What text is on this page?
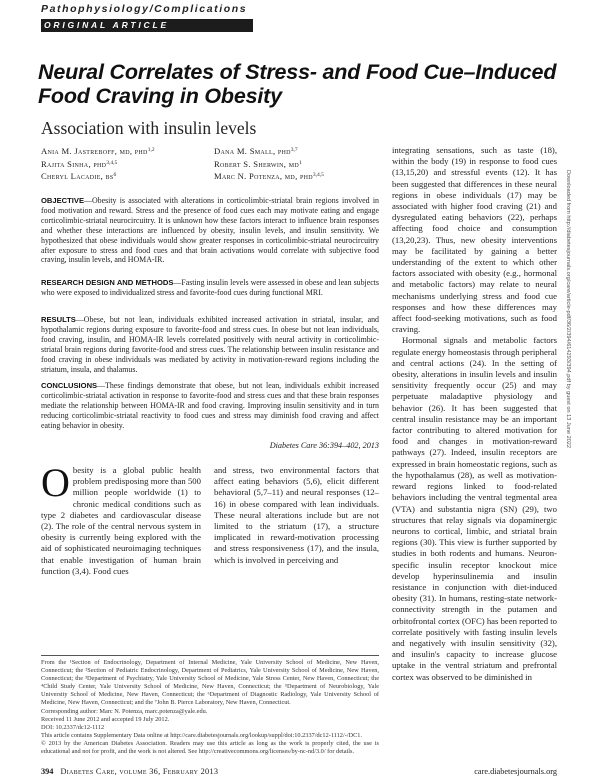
Pathophysiology/Complications
ORIGINAL ARTICLE
Neural Correlates of Stress- and Food Cue–Induced Food Craving in Obesity
Association with insulin levels
Ania M. Jastreboff, md, phd$^{1,2}$
Rajita Sinha, phd$^{3,4,5}$
Cheryl Lacadie, $bs^6$
Dana M. Small, phd$^{3,7}$
Robert S. Sherwin, $md^1$
Marc N. Potenza, md, phd$^{3,4,5}$

OBJECTIVE—Obesity is associated with alterations in corticolimbic-striatal brain regions involved in food motivation and reward. Stress and the presence of food cues each may motivate eating and engage corticolimbic-striatal neurocircuitry. It is unknown how these factors interact to influence brain responses and whether these interactions are influenced by obesity, insulin levels, and insulin sensitivity. We hypothesized that obese individuals would show greater responses in corticolimbic-striatal neurocircuitry after exposure to stress and food cues and that brain activations would correlate with subjective food craving, insulin levels, and HOMA-IR.

RESEARCH DESIGN AND METHODS—Fasting insulin levels were assessed in obese and lean subjects who were exposed to individualized stress and favorite-food cues during functional MRI.

RESULTS—Obese, but not lean, individuals exhibited increased activation in striatal, insular, and hypothalamic regions during exposure to favorite-food and stress cues. In obese but not lean individuals, food craving, insulin, and HOMA-IR levels correlated positively with neural activity in corticolimbic-striatal brain regions during favorite-food and stress cues. The relationship between insulin resistance and food craving in obese individuals was mediated by activity in motivation-reward regions including the striatum, insula, and thalamus.

CONCLUSIONS—These findings demonstrate that obese, but not lean, individuals exhibit increased corticolimbic-striatal activation in response to favorite-food and stress cues and that these brain responses mediate the relationship between HOMA-IR and food craving. Improving insulin sensitivity and in turn reducing corticolimbic-striatal reactivity to food cues and stress may diminish food craving and affect eating behavior in obesity.

Diabetes Care 36:394–402, 2013
Obesity is a global public health problem predisposing more than 500 million people worldwide (1) to chronic medical conditions such as type 2 diabetes and cardiovascular disease (2). The role of the central nervous system in obesity is currently being explored with the aid of sophisticated neuroimaging techniques that enable investigation of human brain function (3,4). Food cues
and stress, two environmental factors that affect eating behaviors (5,6), elicit different behavioral (5,7–11) and neural responses (12–16) in obese compared with lean individuals. These neural alterations include but are not limited to the striatum (17), a structure implicated in reward-motivation processing and stress responsiveness (17), and the insula, which is involved in perceiving and

integrating sensations, such as taste (18), within the body (19) in response to food cues (13,15,20) and stressful events (12). It has been suggested that differences in these neural regions in obese individuals (17) may be associated with higher food craving (21) and dysregulated eating behaviors (22), perhaps affecting food choice and consumption (13,20,23). Thus, new obesity interventions may be facilitated by gaining a better understanding of the extent to which other factors associated with obesity (e.g., hormonal and metabolic factors) may relate to neural mechanisms underlying stress and food cue responses and how these differences may affect food-seeking motivations, such as food craving.

Hormonal signals and metabolic factors regulate energy homeostasis through peripheral and central actions (24). In the setting of obesity, alterations in insulin levels and insulin sensitivity frequently occur (25) and may perpetuate maladaptive physiology and behavior (26). It has been suggested that central insulin resistance may be an important factor contributing to altered motivation for food and changes in motivation-reward pathways (27). Indeed, insulin receptors are expressed in brain homeostatic regions, such as the hypothalamus (28), as well as motivation-reward regions linked to food-related behaviors including the ventral tegmental area (VTA) and substantia nigra (SN) (29), two structures that relay signals via dopaminergic neurons to cortical, limbic, and striatal brain regions (30). This view is further supported by studies in both rodents and humans. Neuron-specific insulin receptor knockout mice develop hyperinsulinemia and insulin resistance in conjunction with diet-induced obesity (31). In humans, resting-state network-connectivity strength in the putamen and orbitofrontal cortex (OFC) has been reported to correlate positively with fasting insulin levels and negatively with insulin sensitivity (32), and insulin's capacity to increase glucose uptake in the ventral striatum and prefrontal cortex was observed to be diminished in

From the ¹Section of Endocrinology, Department of Internal Medicine, Yale University School of Medicine, New Haven, Connecticut; the ²Section of Pediatric Endocrinology, Department of Pediatrics, Yale University School of Medicine, New Haven, Connecticut; the ³Department of Psychiatry, Yale University School of Medicine, Yale Stress Center, New Haven, Connecticut; the ⁴Child Study Center, Yale University School of Medicine, New Haven, Connecticut; the ⁵Department of Neurobiology, Yale University School of Medicine, New Haven, Connecticut; the ⁶Department of Diagnostic Radiology, Yale University School of Medicine, New Haven, Connecticut; and the ⁷John B. Pierce Laboratory, New Haven, Connecticut.
Corresponding author: Marc N. Potenza, marc.potenza@yale.edu.
Received 11 June 2012 and accepted 19 July 2012.
DOI: 10.2337/dc12-1112
This article contains Supplementary Data online at http://care.diabetesjournals.org/lookup/suppl/doi:10.2337/dc12-1112/-/DC1.
© 2013 by the American Diabetes Association. Readers may use this article as long as the work is properly cited, the use is educational and not for profit, and the work is not altered. See http://creativecommons.org/licenses/by-nc-nd/3.0/ for details.
Downloaded from http://diabetesjournals.org/care/article-pdf/36/2/394/614293/394.pdf by guest on 13 June 2022
394 Diabetes Care, volume 36, February 2013	care.diabetesjournals.org
